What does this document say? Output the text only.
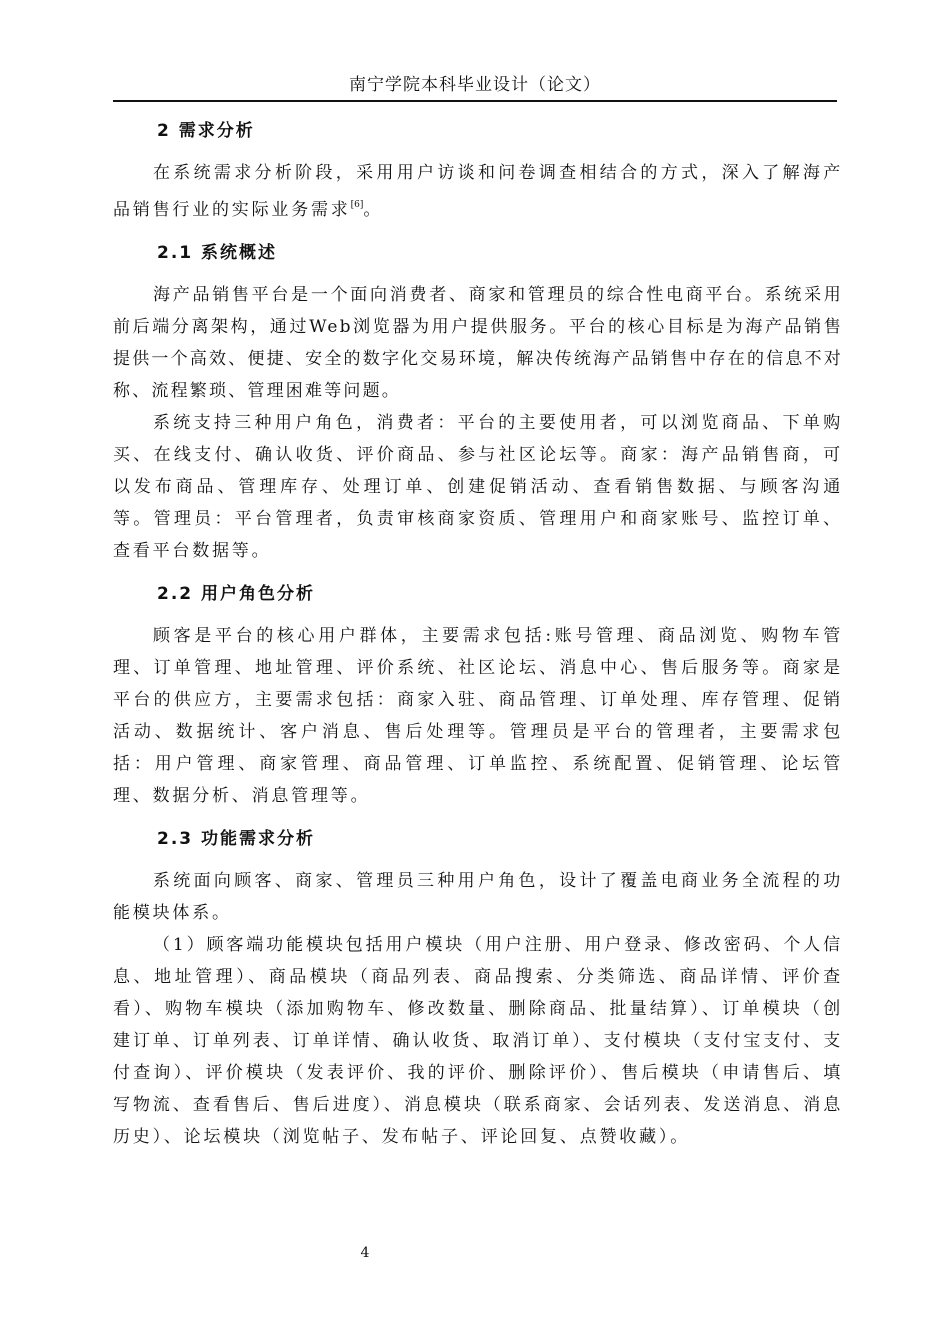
南宁学院本科毕业设计（论文）
2 需求分析

在系统需求分析阶段，采用用户访谈和问卷调查相结合的方式，深入了解海产品销售行业的实际业务需求[6]。

2.1 系统概述

海产品销售平台是一个面向消费者、商家和管理员的综合性电商平台。系统采用前后端分离架构，通过Web浏览器为用户提供服务。平台的核心目标是为海产品销售提供一个高效、便捷、安全的数字化交易环境，解决传统海产品销售中存在的信息不对称、流程繁琐、管理困难等问题。

系统支持三种用户角色，消费者：平台的主要使用者，可以浏览商品、下单购买、在线支付、确认收货、评价商品、参与社区论坛等。商家：海产品销售商，可以发布商品、管理库存、处理订单、创建促销活动、查看销售数据、与顾客沟通等。管理员：平台管理者，负责审核商家资质、管理用户和商家账号、监控订单、查看平台数据等。

2.2 用户角色分析

顾客是平台的核心用户群体，主要需求包括:账号管理、商品浏览、购物车管理、订单管理、地址管理、评价系统、社区论坛、消息中心、售后服务等。商家是平台的供应方，主要需求包括：商家入驻、商品管理、订单处理、库存管理、促销活动、数据统计、客户消息、售后处理等。管理员是平台的管理者，主要需求包括：用户管理、商家管理、商品管理、订单监控、系统配置、促销管理、论坛管理、数据分析、消息管理等。

2.3 功能需求分析

系统面向顾客、商家、管理员三种用户角色，设计了覆盖电商业务全流程的功能模块体系。

（1）顾客端功能模块包括用户模块（用户注册、用户登录、修改密码、个人信息、地址管理）、商品模块（商品列表、商品搜索、分类筛选、商品详情、评价查看）、购物车模块（添加购物车、修改数量、删除商品、批量结算）、订单模块（创建订单、订单列表、订单详情、确认收货、取消订单）、支付模块（支付宝支付、支付查询）、评价模块（发表评价、我的评价、删除评价）、售后模块（申请售后、填写物流、查看售后、售后进度）、消息模块（联系商家、会话列表、发送消息、消息历史）、论坛模块（浏览帖子、发布帖子、评论回复、点赞收藏）。

4
